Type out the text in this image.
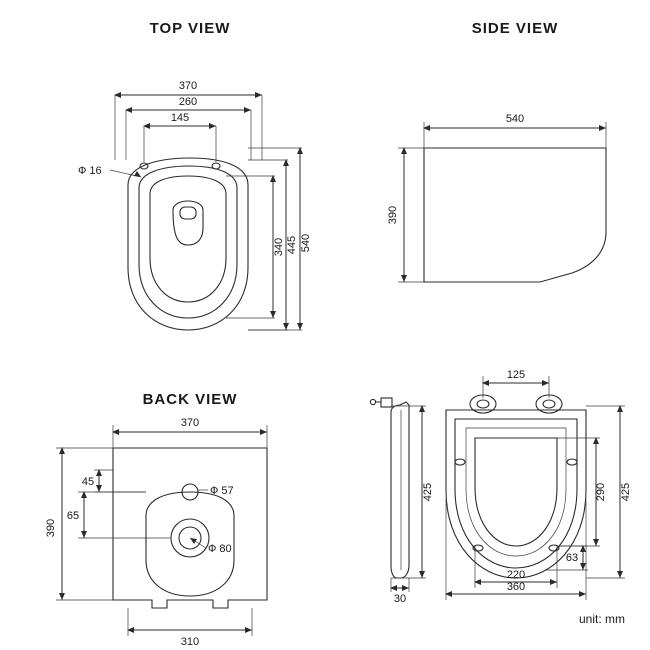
TOP VIEW
Ф 16
370
260
145
540
445
340
SIDE VIEW
540
390
BACK VIEW
Ф 57
Ф 80
370
310
390
45
65
30
425
125
220
360
290 425
63
unit: mm
